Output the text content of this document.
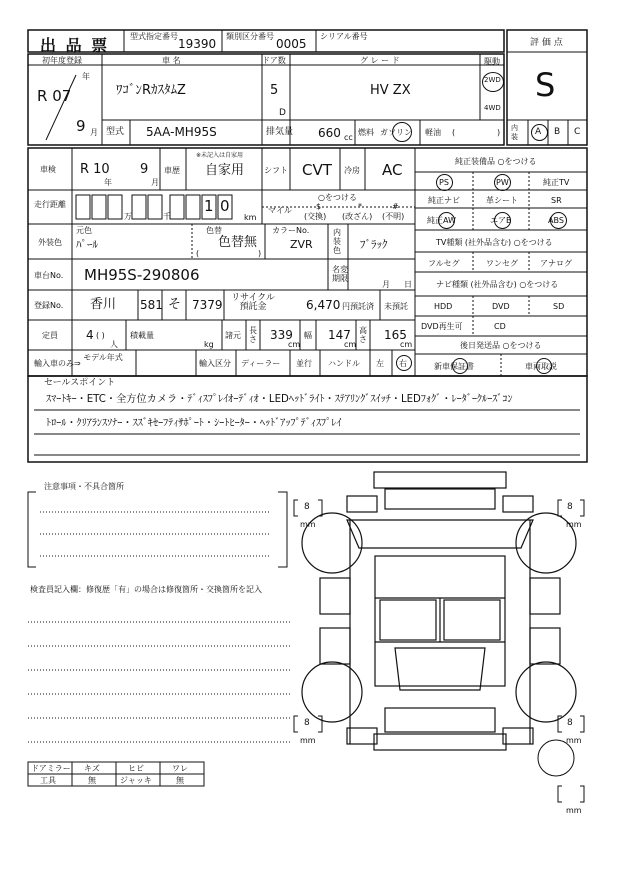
出 品 票	型式指定番号
19390
類別区分番号
0005
シリアル番号
評 価 点
S
初年度登録
年
R 07
9 月
車 名
ﾜｺﾞﾝRｶｽﾀﾑZ
ドア数
5
D
グ レ ー ド
HV ZX
駆動
2WD
4WD
型式 5AA-MH95S	排気量 660 cc
燃料 ガソリン 軽油 (	) 内装	A B C
車検 R 10
年
9
月
車歴
※未記入は自家用
自家用 シフト CVT 冷房 AC
走行距離
万	千
1 0
km
マイル
○をつける
$
(交換)
*
(改ざん)
#
(不明)
外装色
元色
ﾊﾟｰﾙ
色替
色替無
(	)
カラーNo.
ZVR
内装色 ﾌﾞﾗｯｸ
車台No. MH95S-290806	名変期限
月 日
登録No. 香川 581 そ 7379 リサイクル預託金	6,470 円預託済 未預託
定員 4 ( )
人
積載量
kg
諸元
長さ 339
cm
幅 147
cm
高さ 165
cm
輸入車のみ⇒
モデル年式
輸入区分 ディーラー 並行 ハンドル 左 右
純正装備品 ○をつける
PS	PW	純正TV
純正ナビ	革シート	SR
純正AW	エアB	ABS
TV種類 (社外品含む) ○をつける
フルセグ	ワンセグ	アナログ
ナビ種類 (社外品含む) ○をつける
HDD	DVD	SD
DVD再生可	CD
後日発送品 ○をつける
新車保証書	車両取説
セールスポイント
ｽﾏｰﾄｷｰ・ETC・全方位カメラ・ﾃﾞｨｽﾌﾟﾚｲｵｰﾃﾞｨｵ・LEDﾍｯﾄﾞﾗｲﾄ・ｽﾃｱﾘﾝｸﾞｽｲｯﾁ・LEDﾌｫｸﾞ・ﾚｰﾀﾞｰｸﾙｰｽﾞｺﾝ
ﾄﾛｰﾙ・ｸﾘｱﾗﾝｽｿﾅｰ・ｽｽﾞｷｾｰﾌﾃｨｻﾎﾟｰﾄ・ｼｰﾄﾋｰﾀｰ・ﾍｯﾄﾞｱｯﾌﾟﾃﾞｨｽﾌﾟﾚｲ
注意事項・不具合箇所
検査員記入欄：修復歴「有」の場合は修復箇所・交換箇所を記入
ドアミラー キズ	ヒビ	ワレ
工具	無	ジャッキ	無
8
mm
8
mm
8
mm
8
mm
mm
